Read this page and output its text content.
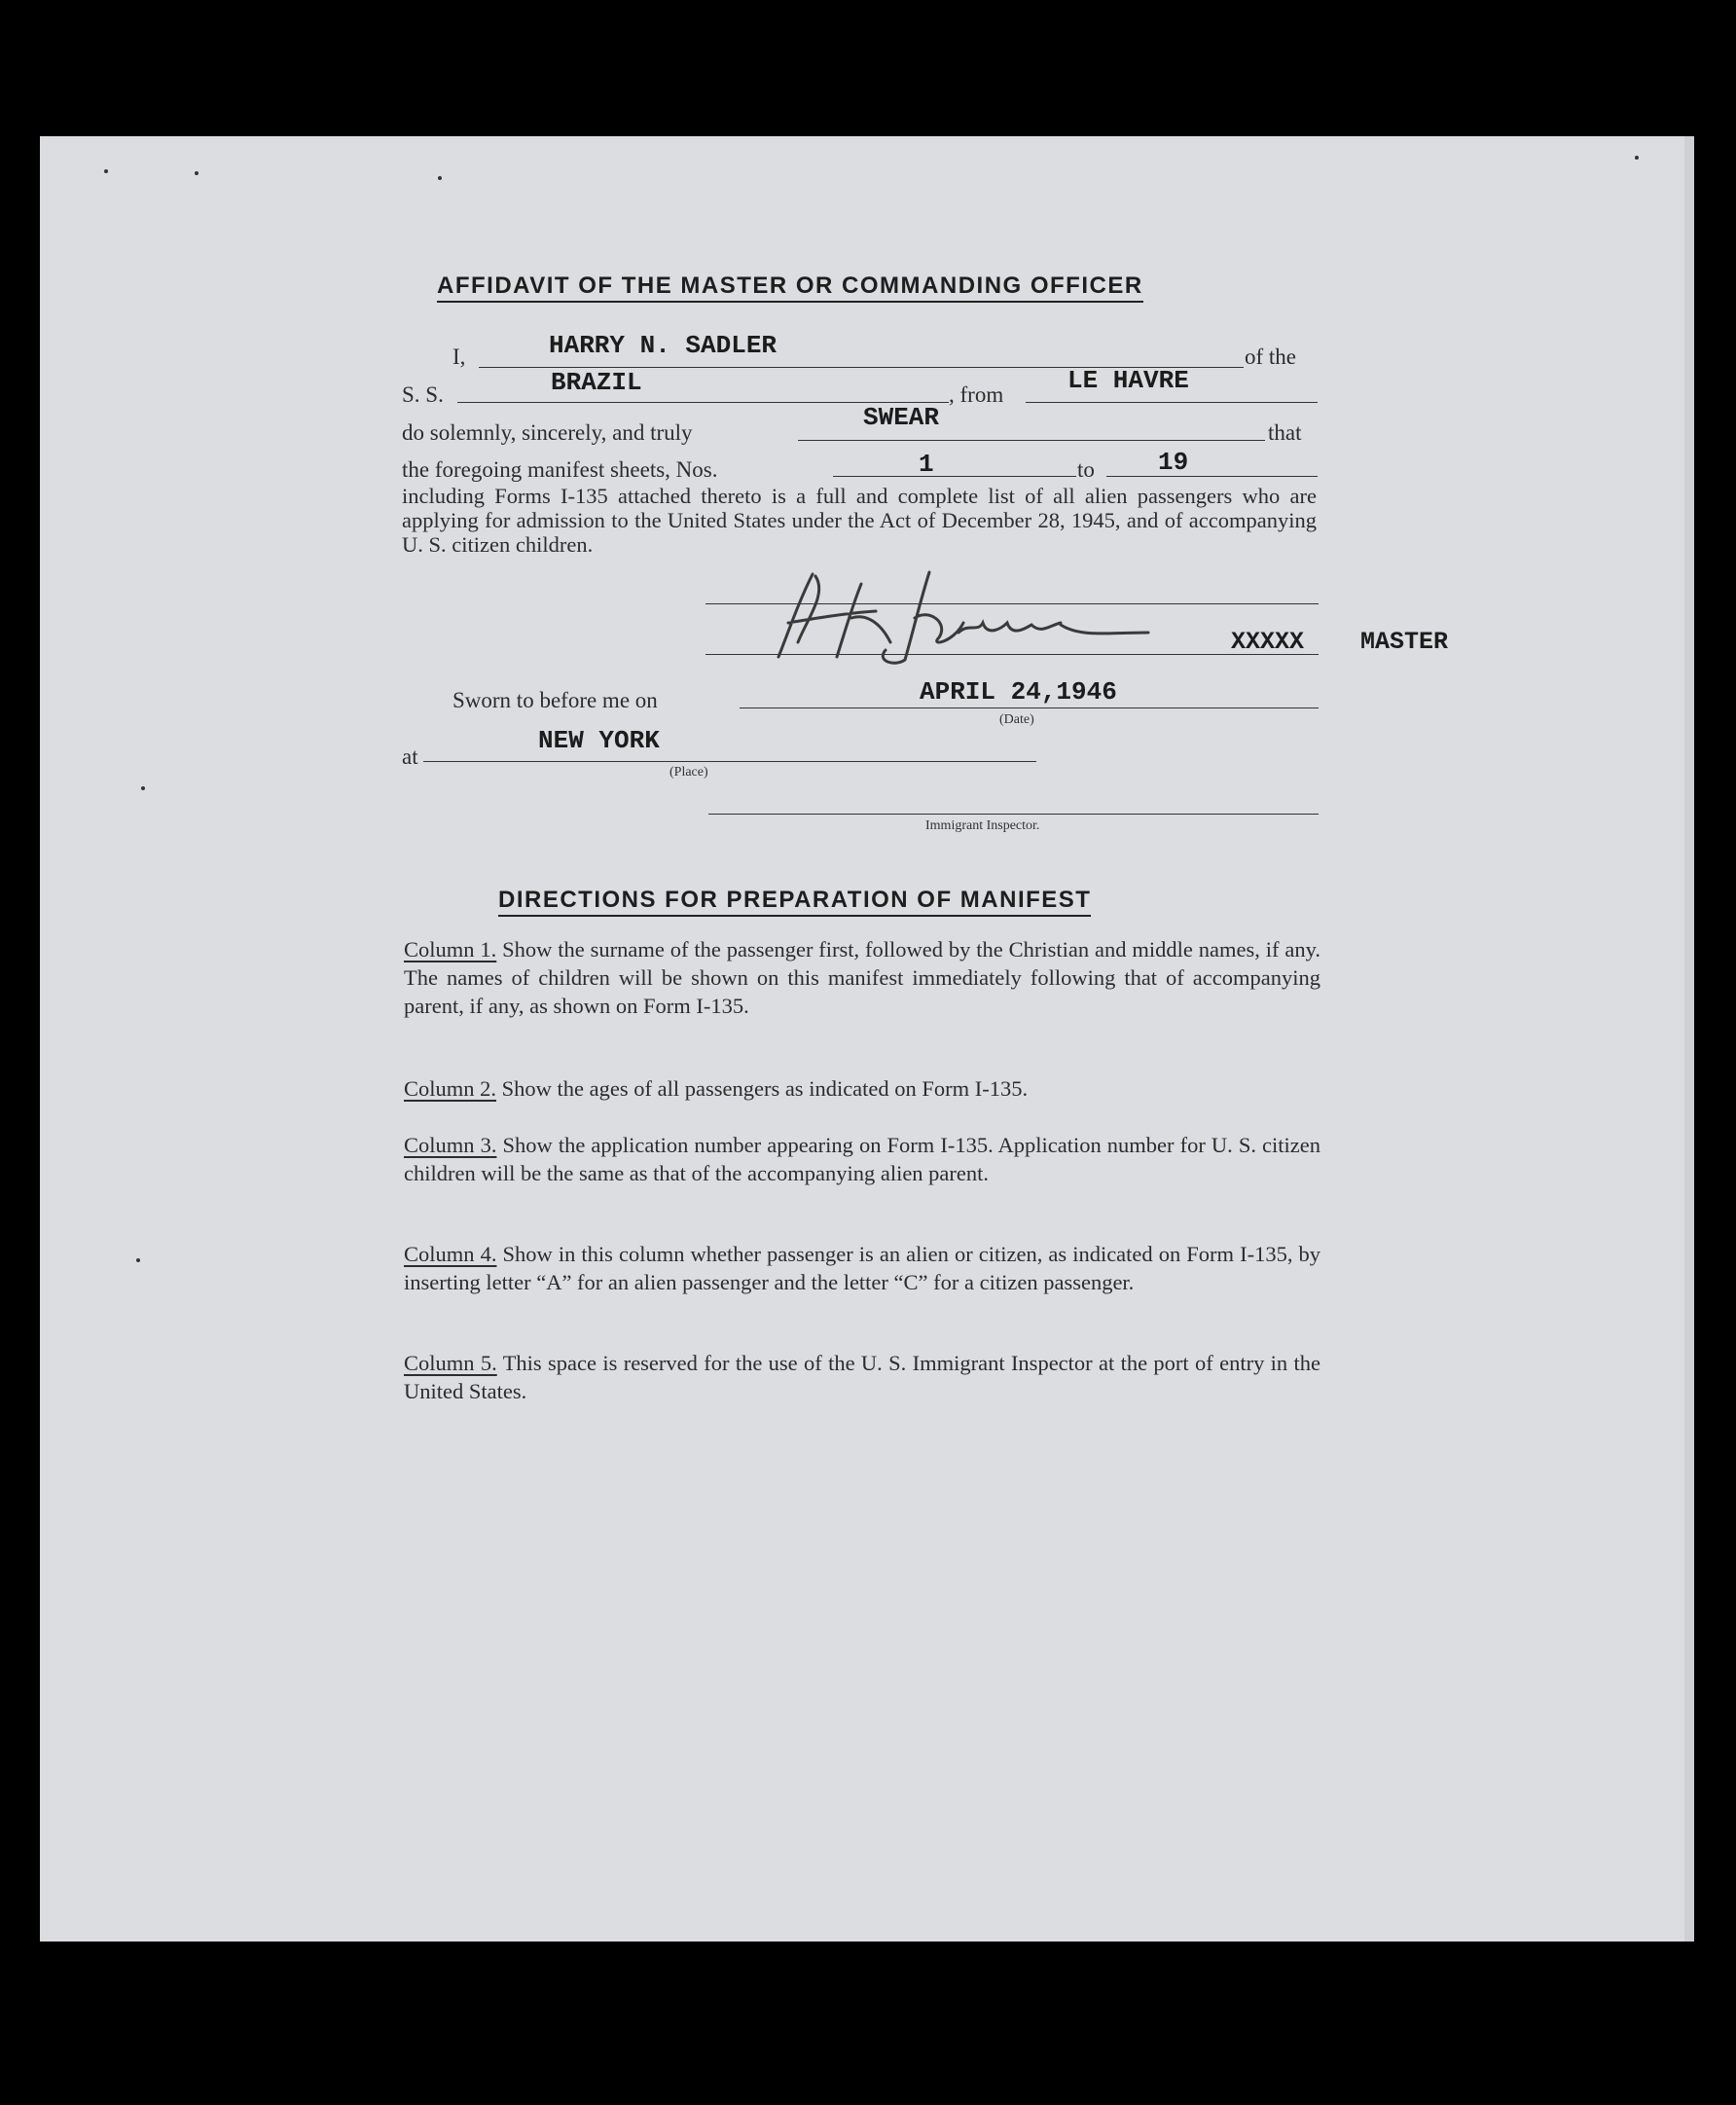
AFFIDAVIT OF THE MASTER OR COMMANDING OFFICER
I,	HARRY N. SADLER	of the
S. S.	BRAZIL	, from	LE HAVRE
do solemnly, sincerely, and truly
SWEAR
that
the foregoing manifest sheets, Nos.	1	to	19
including Forms I-135 attached thereto is a full and complete list of all alien passengers who are applying for admission to the United States under the Act of December 28, 1945, and of accompanying U. S. citizen children.
XXXXX MASTER
Sworn to before me on	APRIL 24,1946
(Date)
at
NEW YORK
(Place)
Immigrant Inspector.
DIRECTIONS FOR PREPARATION OF MANIFEST
Column 1. Show the surname of the passenger first, followed by the Christian and middle names, if any. The names of children will be shown on this manifest immediately following that of accompanying parent, if any, as shown on Form I-135.
Column 2. Show the ages of all passengers as indicated on Form I-135.
Column 3. Show the application number appearing on Form I-135. Application number for U. S. citizen children will be the same as that of the accompanying alien parent.
Column 4. Show in this column whether passenger is an alien or citizen, as indicated on Form I-135, by inserting letter “A” for an alien passenger and the letter “C” for a citizen passenger.
Column 5. This space is reserved for the use of the U. S. Immigrant Inspector at the port of entry in the United States.
